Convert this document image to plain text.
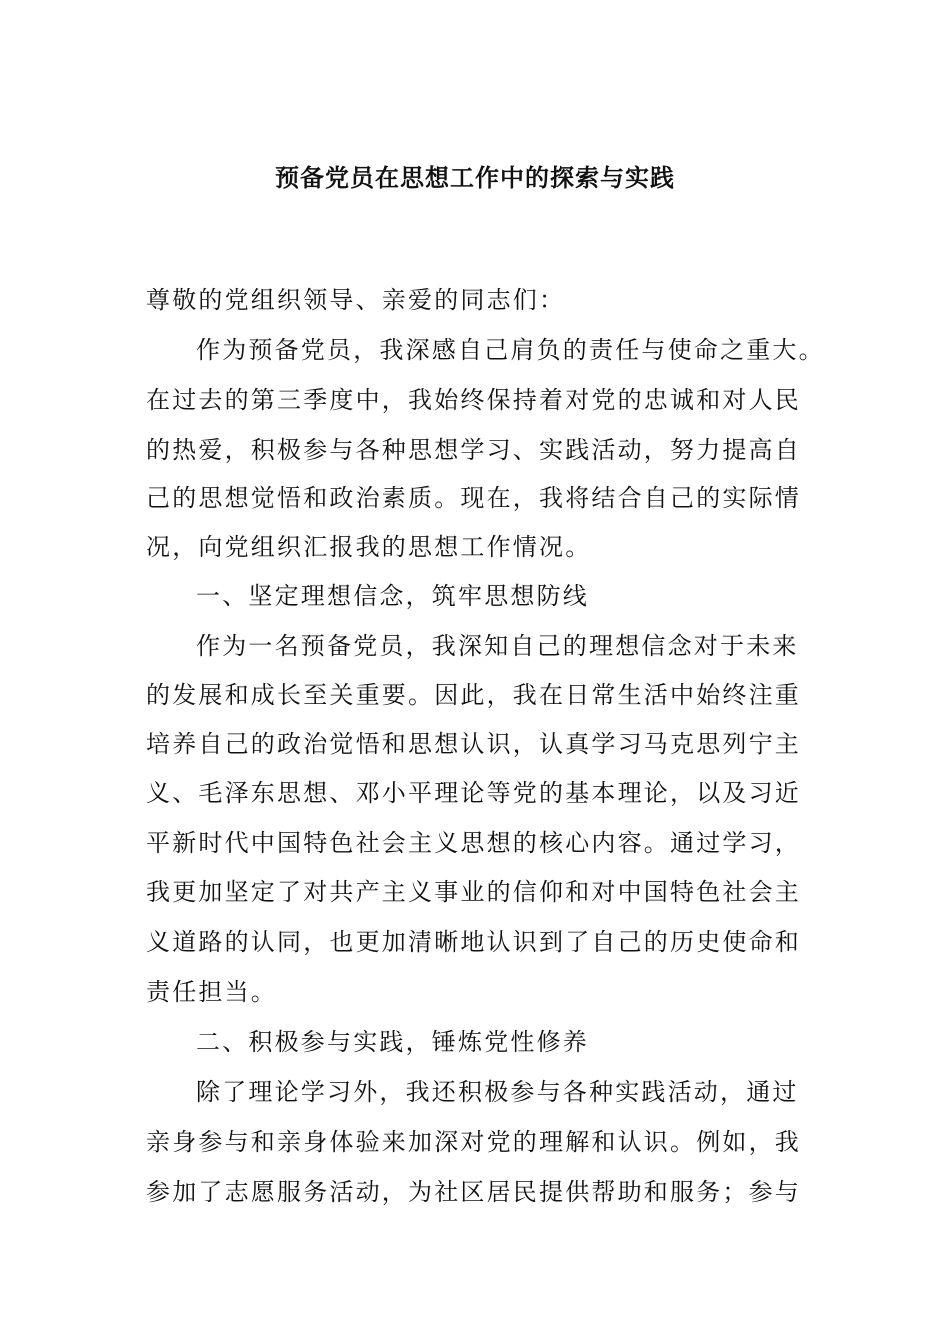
预备党员在思想工作中的探索与实践
尊敬的党组织领导、亲爱的同志们：
作为预备党员，我深感自己肩负的责任与使命之重大。
在过去的第三季度中，我始终保持着对党的忠诚和对人民
的热爱，积极参与各种思想学习、实践活动，努力提高自
己的思想觉悟和政治素质。现在，我将结合自己的实际情
况，向党组织汇报我的思想工作情况。
一、坚定理想信念，筑牢思想防线
作为一名预备党员，我深知自己的理想信念对于未来
的发展和成长至关重要。因此，我在日常生活中始终注重
培养自己的政治觉悟和思想认识，认真学习马克思列宁主
义、毛泽东思想、邓小平理论等党的基本理论，以及习近
平新时代中国特色社会主义思想的核心内容。通过学习，
我更加坚定了对共产主义事业的信仰和对中国特色社会主
义道路的认同，也更加清晰地认识到了自己的历史使命和
责任担当。
二、积极参与实践，锤炼党性修养
除了理论学习外，我还积极参与各种实践活动，通过
亲身参与和亲身体验来加深对党的理解和认识。例如，我
参加了志愿服务活动，为社区居民提供帮助和服务；参与
